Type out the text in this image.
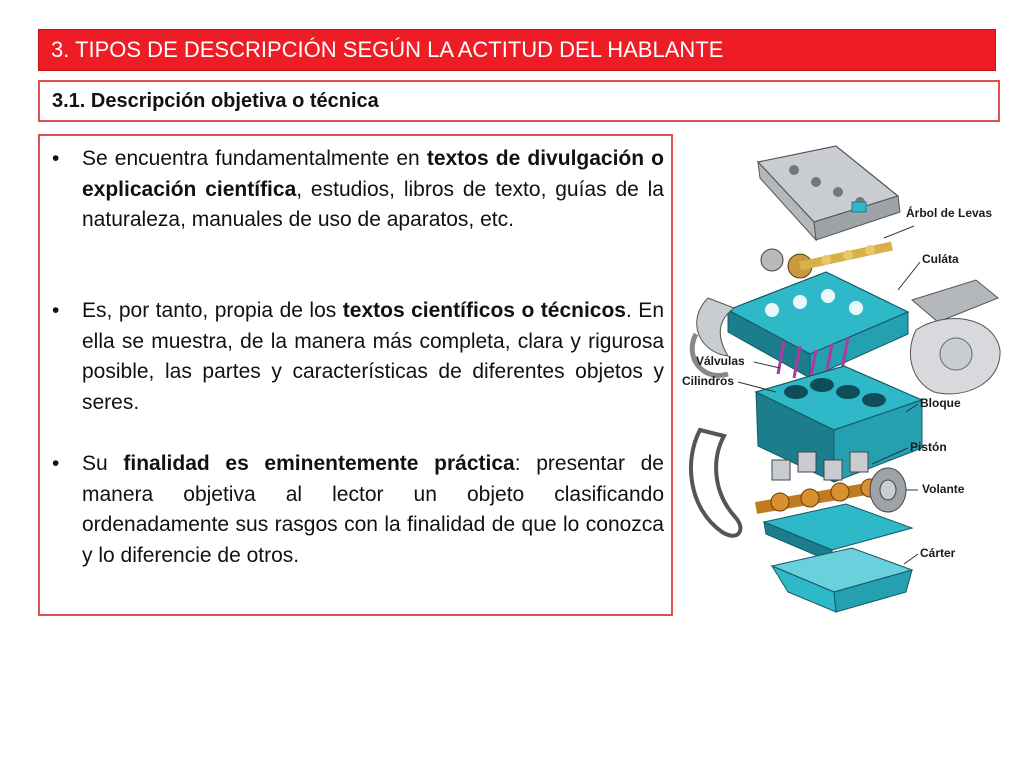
3. TIPOS DE DESCRIPCIÓN SEGÚN LA ACTITUD DEL HABLANTE
3.1. Descripción objetiva o técnica
•	Se encuentra fundamentalmente en textos de divulgación o explicación científica, estudios, libros de texto, guías de la naturaleza, manuales de uso de aparatos, etc.
•	Es, por tanto, propia de los textos científicos o técnicos. En ella se muestra, de la manera más completa, clara y rigurosa posible, las partes y características de diferentes objetos y seres.
•	Su finalidad es eminentemente práctica: presentar de manera objetiva al lector un objeto clasificando ordenadamente sus rasgos con la finalidad de que lo conozca y lo diferencie de otros.
Árbol de Levas
Culáta
Válvulas
Cilindros
Bloque
Pistón
Volante
Cárter
